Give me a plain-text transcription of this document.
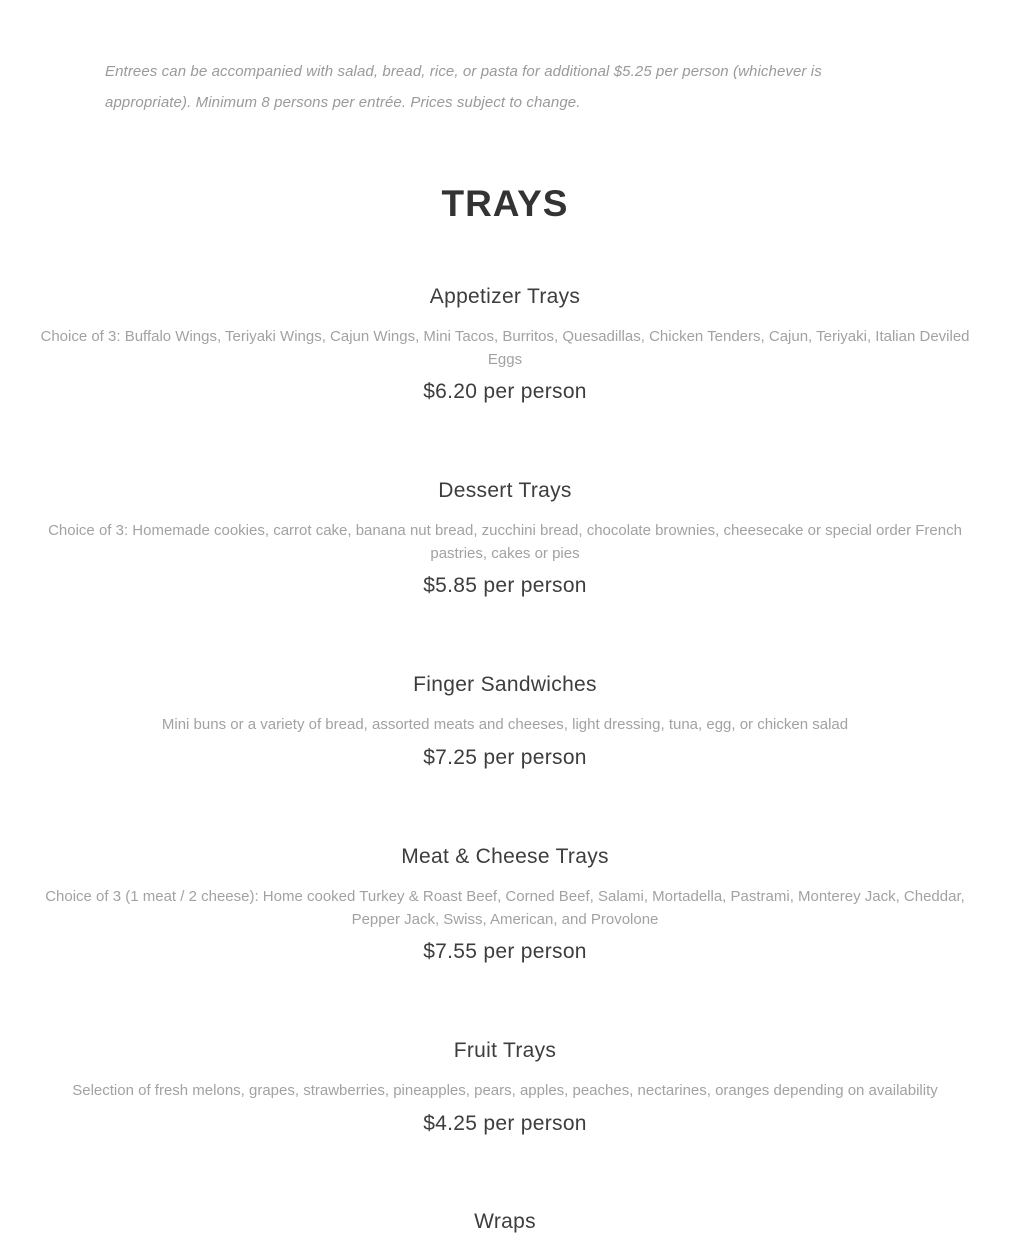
Entrees can be accompanied with salad, bread, rice, or pasta for additional $5.25 per person (whichever is appropriate). Minimum 8 persons per entrée. Prices subject to change.

TRAYS
Appetizer Trays
Choice of 3: Buffalo Wings, Teriyaki Wings, Cajun Wings, Mini Tacos, Burritos, Quesadillas, Chicken Tenders, Cajun, Teriyaki, Italian Deviled Eggs
$6.20 per person
Dessert Trays
Choice of 3: Homemade cookies, carrot cake, banana nut bread, zucchini bread, chocolate brownies, cheesecake or special order French pastries, cakes or pies
$5.85 per person
Finger Sandwiches
Mini buns or a variety of bread, assorted meats and cheeses, light dressing, tuna, egg, or chicken salad
$7.25 per person
Meat & Cheese Trays
Choice of 3 (1 meat / 2 cheese): Home cooked Turkey & Roast Beef, Corned Beef, Salami, Mortadella, Pastrami, Monterey Jack, Cheddar, Pepper Jack, Swiss, American, and Provolone
$7.55 per person
Fruit Trays
Selection of fresh melons, grapes, strawberries, pineapples, pears, apples, peaches, nectarines, oranges depending on availability
$4.25 per person
Wraps
